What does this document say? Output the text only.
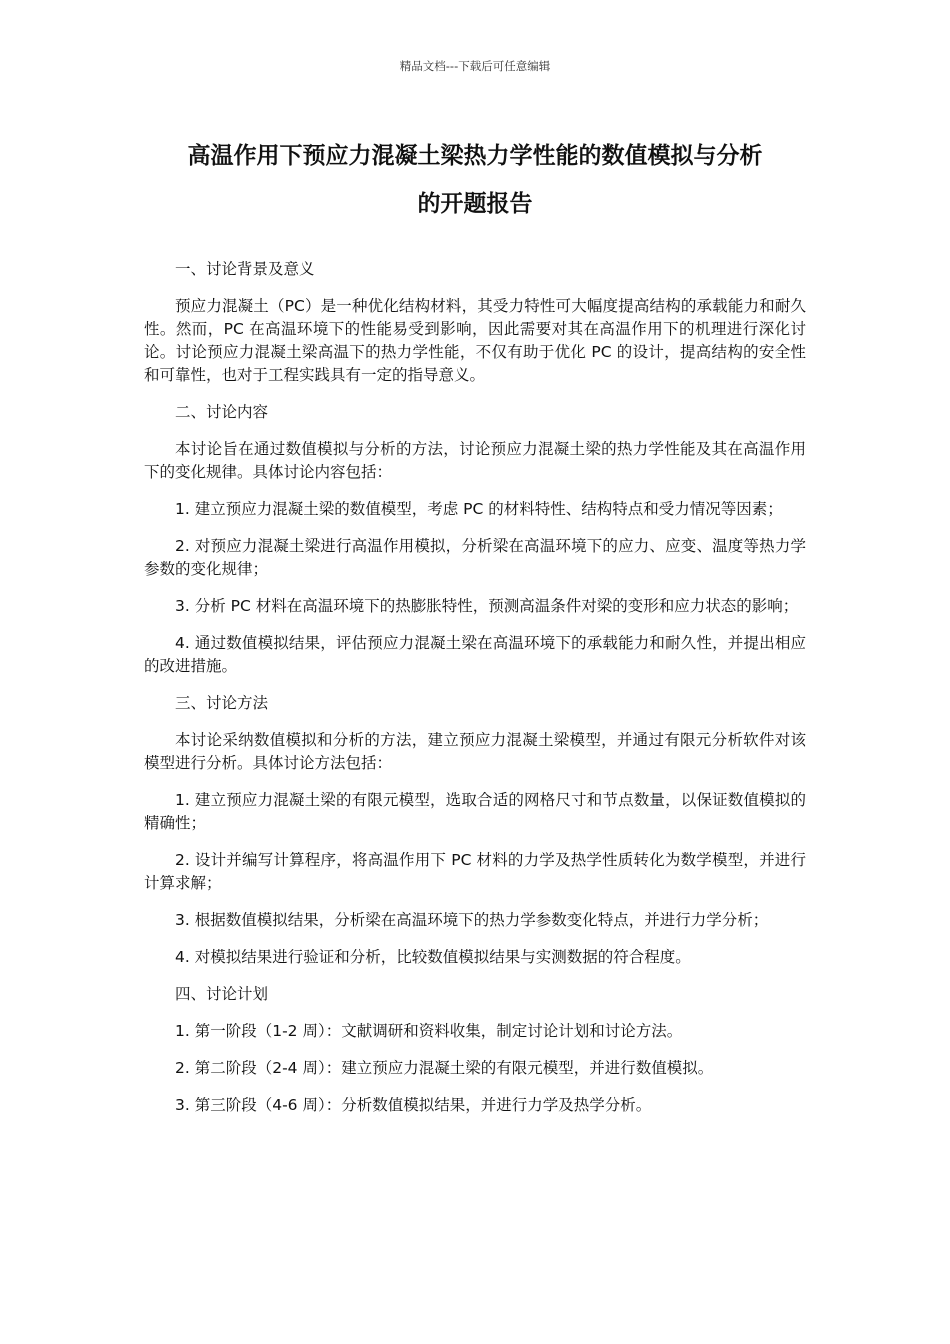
精品文档---下载后可任意编辑
高温作用下预应力混凝土梁热力学性能的数值模拟与分析
的开题报告

一、讨论背景及意义

预应力混凝土（PC）是一种优化结构材料，其受力特性可大幅度提高结构的承载能力和耐久性。然而，PC 在高温环境下的性能易受到影响，因此需要对其在高温作用下的机理进行深化讨论。讨论预应力混凝土梁高温下的热力学性能，不仅有助于优化 PC 的设计，提高结构的安全性和可靠性，也对于工程实践具有一定的指导意义。

二、讨论内容

本讨论旨在通过数值模拟与分析的方法，讨论预应力混凝土梁的热力学性能及其在高温作用下的变化规律。具体讨论内容包括：

1. 建立预应力混凝土梁的数值模型，考虑 PC 的材料特性、结构特点和受力情况等因素；

2. 对预应力混凝土梁进行高温作用模拟，分析梁在高温环境下的应力、应变、温度等热力学参数的变化规律；

3. 分析 PC 材料在高温环境下的热膨胀特性，预测高温条件对梁的变形和应力状态的影响；

4. 通过数值模拟结果，评估预应力混凝土梁在高温环境下的承载能力和耐久性，并提出相应的改进措施。

三、讨论方法

本讨论采纳数值模拟和分析的方法，建立预应力混凝土梁模型，并通过有限元分析软件对该模型进行分析。具体讨论方法包括：

1. 建立预应力混凝土梁的有限元模型，选取合适的网格尺寸和节点数量，以保证数值模拟的精确性；

2. 设计并编写计算程序，将高温作用下 PC 材料的力学及热学性质转化为数学模型，并进行计算求解；

3. 根据数值模拟结果，分析梁在高温环境下的热力学参数变化特点，并进行力学分析；

4. 对模拟结果进行验证和分析，比较数值模拟结果与实测数据的符合程度。

四、讨论计划

1. 第一阶段（1-2 周）：文献调研和资料收集，制定讨论计划和讨论方法。

2. 第二阶段（2-4 周）：建立预应力混凝土梁的有限元模型，并进行数值模拟。

3. 第三阶段（4-6 周）：分析数值模拟结果，并进行力学及热学分析。
